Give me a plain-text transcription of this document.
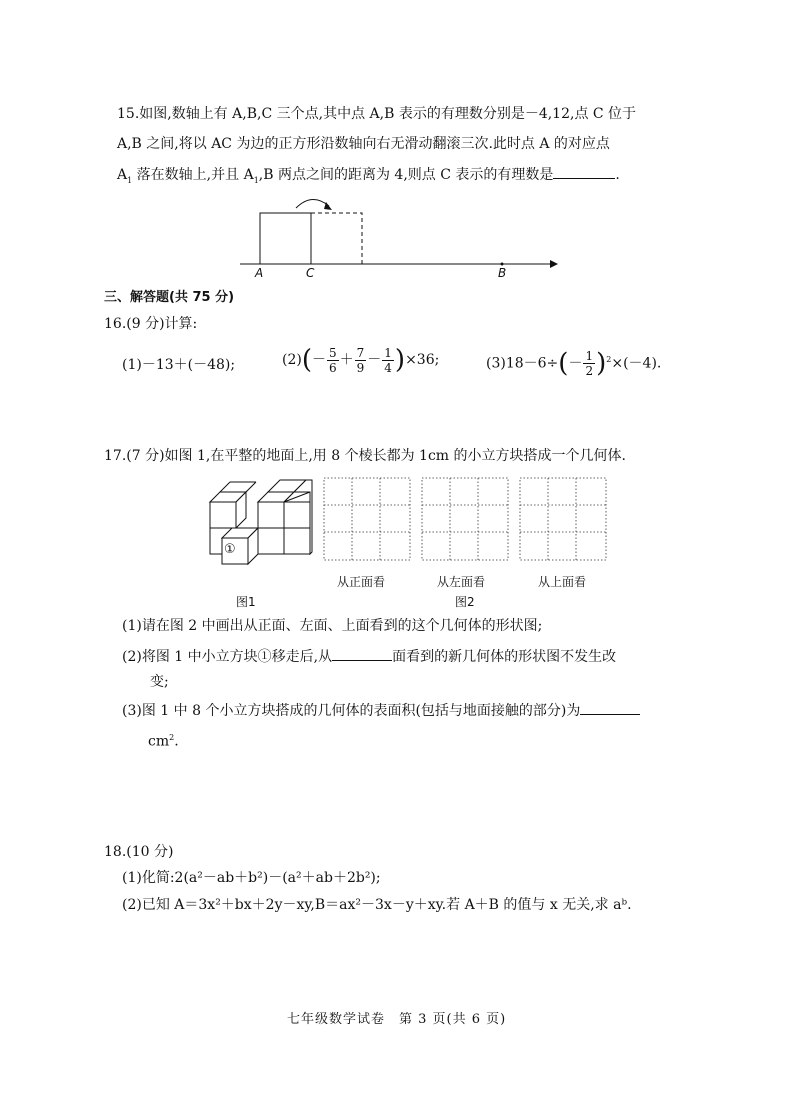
15.如图,数轴上有 A,B,C 三个点,其中点 A,B 表示的有理数分别是－4,12,点 C 位于
A,B 之间,将以 AC 为边的正方形沿数轴向右无滑动翻滚三次.此时点 A 的对应点
$A_1$ 落在数轴上,并且 $A_1,B$ 两点之间的距离为 4,则点 C 表示的有理数是	.
A	C	B
三、解答题(共 75 分)
16.(9 分)计算:
(1)－13＋(－48);	$(2)(- \frac{5}{6} + \frac{7}{9} - \frac{1}{4} )\times 36$;	$(3)18-6\div(- \frac{1}{2} )^2\times(-4)$.
17.(7 分)如图 1,在平整的地面上,用 8 个棱长都为 1cm 的小立方块搭成一个几何体.
①
从正面看	从左面看	从上面看
图1	图2
(1)请在图 2 中画出从正面、左面、上面看到的这个几何体的形状图;
(2)将图 1 中小立方块①移走后,从	面看到的新几何体的形状图不发生改
变;
(3)图 1 中 8 个小立方块搭成的几何体的表面积(包括与地面接触的部分)为
$cm^2$.
18.(10 分)
(1)化简:2(a²－ab＋b²)－(a²＋ab＋2b²);
(2)已知 A＝3x²＋bx＋2y－xy,B＝ax²－3x－y＋xy.若 A＋B 的值与 x 无关,求 aᵇ.
七年级数学试卷　第 3 页(共 6 页)
